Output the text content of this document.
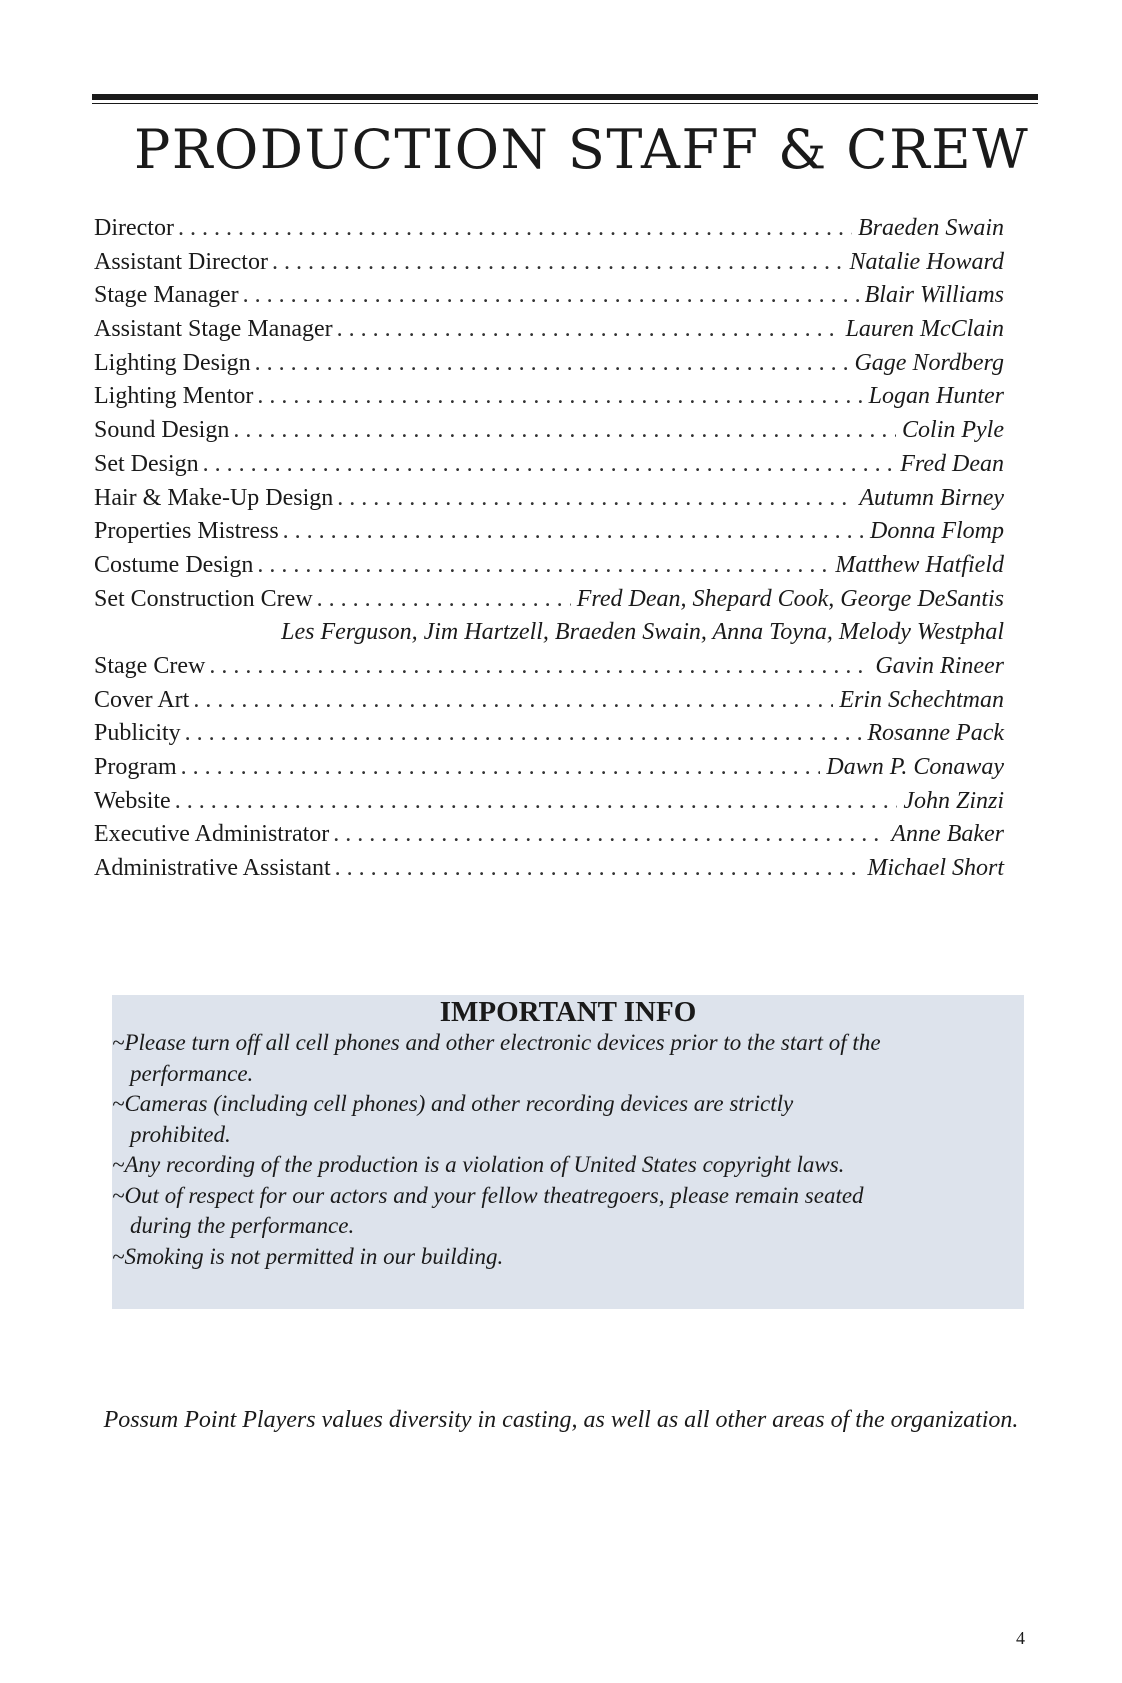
PRODUCTION STAFF & CREW
Director .....	Braeden Swain
Assistant Director .....	Natalie Howard
Stage Manager .....	Blair Williams
Assistant Stage Manager .....	Lauren McClain
Lighting Design .....	Gage Nordberg
Lighting Mentor .....	Logan Hunter
Sound Design .....	Colin Pyle
Set Design .....	Fred Dean
Hair & Make-Up Design .....	Autumn Birney
Properties Mistress .....	Donna Flomp
Costume Design .....	Matthew Hatfield
Set Construction Crew .....	Fred Dean, Shepard Cook, George DeSantis
Les Ferguson, Jim Hartzell, Braeden Swain, Anna Toyna, Melody Westphal
Stage Crew .....	Gavin Rineer
Cover Art .....	Erin Schechtman
Publicity .....	Rosanne Pack
Program .....	Dawn P. Conaway
Website .....	John Zinzi
Executive Administrator .....	Anne Baker
Administrative Assistant .....	Michael Short
IMPORTANT INFO
~Please turn off all cell phones and other electronic devices prior to the start of the performance.
~Cameras (including cell phones) and other recording devices are strictly prohibited.
~Any recording of the production is a violation of United States copyright laws.
~Out of respect for our actors and your fellow theatregoers, please remain seated during the performance.
~Smoking is not permitted in our building.
Possum Point Players values diversity in casting, as well as all other areas of the organization.
4
